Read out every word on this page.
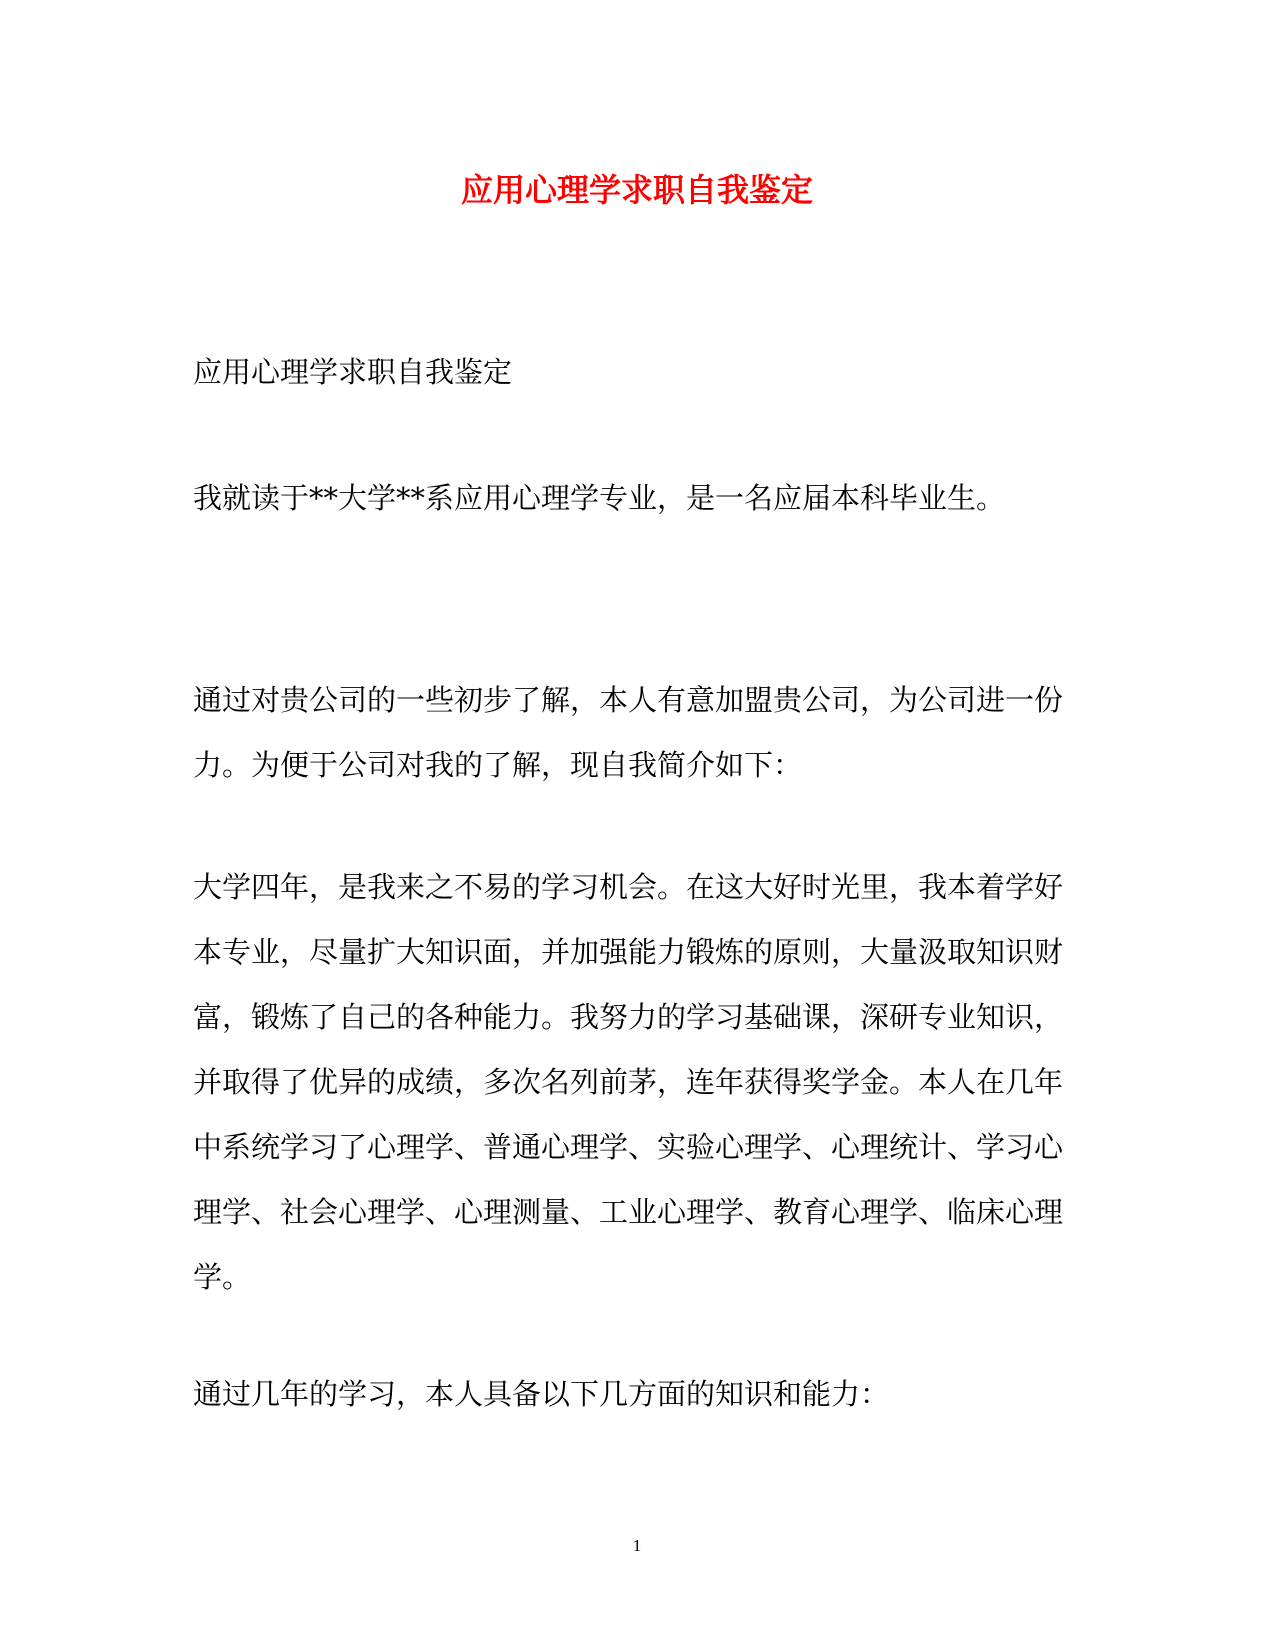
应用心理学求职自我鉴定

应用心理学求职自我鉴定

我就读于**大学**系应用心理学专业，是一名应届本科毕业生。

通过对贵公司的一些初步了解，本人有意加盟贵公司，为公司进一份力。为便于公司对我的了解，现自我简介如下：

大学四年，是我来之不易的学习机会。在这大好时光里，我本着学好本专业，尽量扩大知识面，并加强能力锻炼的原则，大量汲取知识财富，锻炼了自己的各种能力。我努力的学习基础课，深研专业知识，并取得了优异的成绩，多次名列前茅，连年获得奖学金。本人在几年中系统学习了心理学、普通心理学、实验心理学、心理统计、学习心理学、社会心理学、心理测量、工业心理学、教育心理学、临床心理学。

通过几年的学习，本人具备以下几方面的知识和能力：

1
